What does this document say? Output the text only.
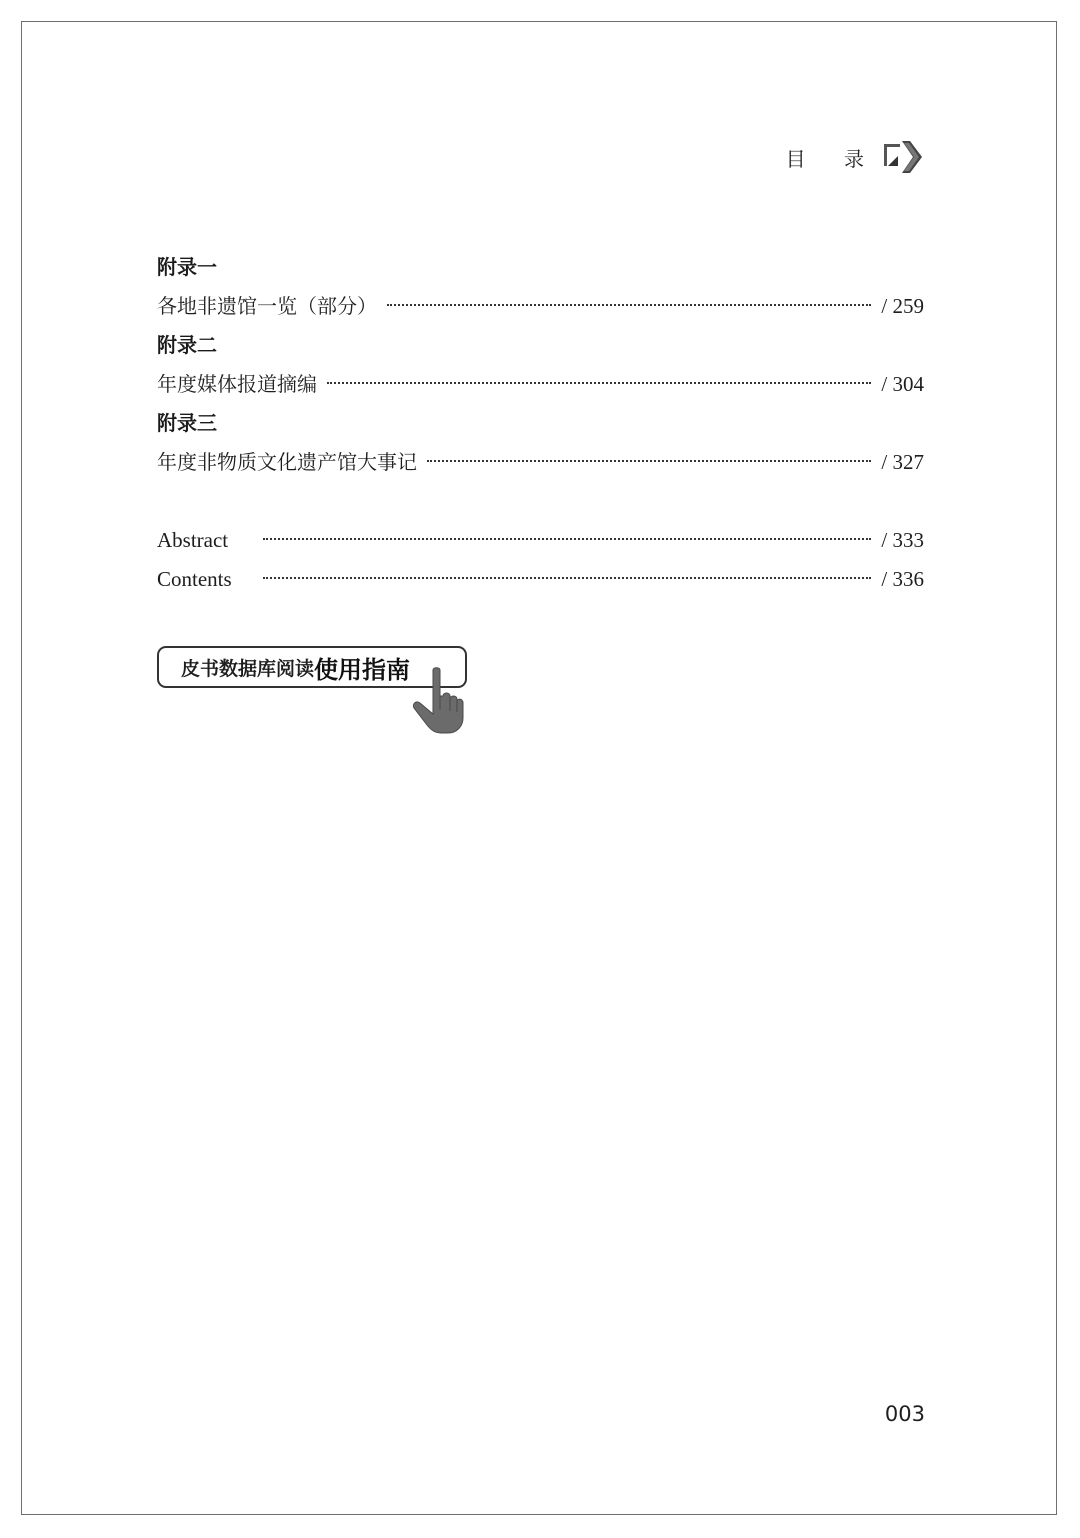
目 录
附录一
各地非遗馆一览（部分）	/ 259
附录二
年度媒体报道摘编	/ 304
附录三
年度非物质文化遗产馆大事记	/ 327
Abstract	/ 333
Contents	/ 336
皮书数据库阅读 使用指南
003
